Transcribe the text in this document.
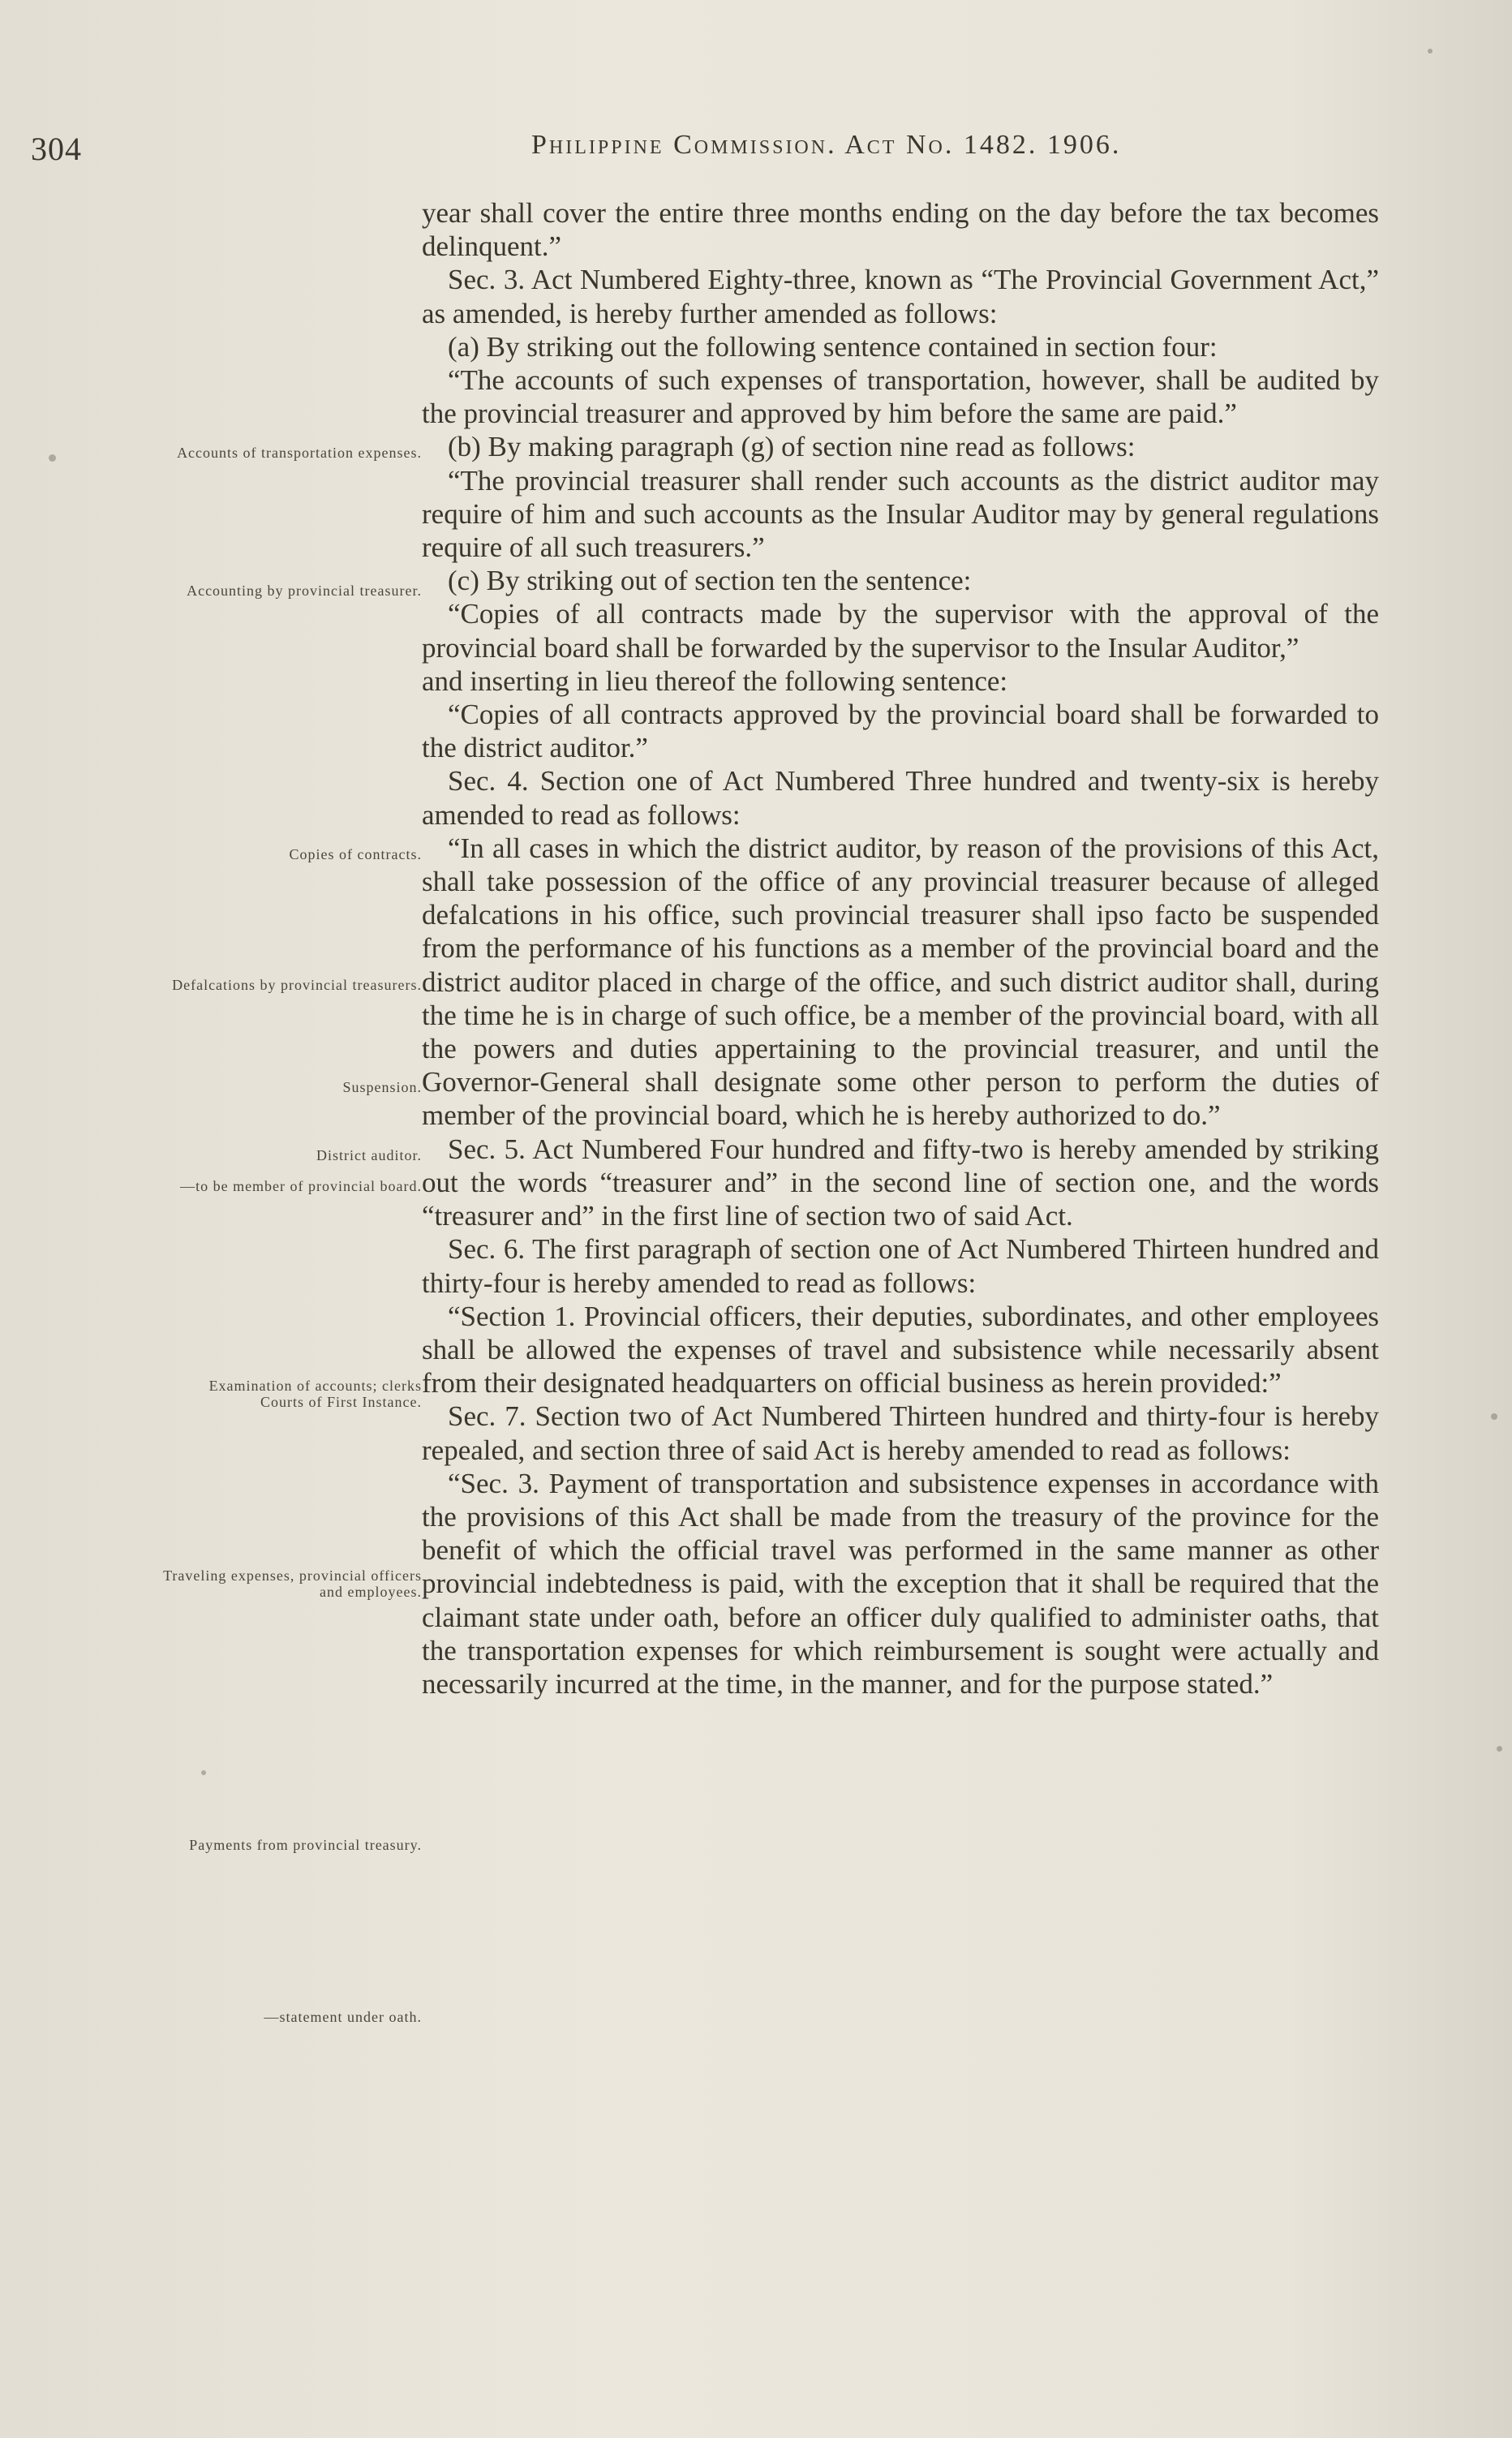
304	Philippine Commission. Act No. 1482. 1906.

year shall cover the entire three months ending on the day before the tax becomes delinquent.”

Sec. 3. Act Numbered Eighty-three, known as “The Provincial Government Act,” as amended, is hereby further amended as follows:

(a) By striking out the following sentence contained in section four:

“The accounts of such expenses of transportation, however, shall be audited by the provincial treasurer and approved by him before the same are paid.”

(b) By making paragraph (g) of section nine read as follows:

“The provincial treasurer shall render such accounts as the district auditor may require of him and such accounts as the Insular Auditor may by general regulations require of all such treasurers.”

(c) By striking out of section ten the sentence:

“Copies of all contracts made by the supervisor with the approval of the provincial board shall be forwarded by the supervisor to the Insular Auditor,”

and inserting in lieu thereof the following sentence:

“Copies of all contracts approved by the provincial board shall be forwarded to the district auditor.”

Sec. 4. Section one of Act Numbered Three hundred and twenty-six is hereby amended to read as follows:

“In all cases in which the district auditor, by reason of the provisions of this Act, shall take possession of the office of any provincial treasurer because of alleged defalcations in his office, such provincial treasurer shall ipso facto be suspended from the performance of his functions as a member of the provincial board and the district auditor placed in charge of the office, and such district auditor shall, during the time he is in charge of such office, be a member of the provincial board, with all the powers and duties appertaining to the provincial treasurer, and until the Governor-General shall designate some other person to perform the duties of member of the provincial board, which he is hereby authorized to do.”

Sec. 5. Act Numbered Four hundred and fifty-two is hereby amended by striking out the words “treasurer and” in the second line of section one, and the words “treasurer and” in the first line of section two of said Act.

Sec. 6. The first paragraph of section one of Act Numbered Thirteen hundred and thirty-four is hereby amended to read as follows:

“Section 1. Provincial officers, their deputies, subordinates, and other employees shall be allowed the expenses of travel and subsistence while necessarily absent from their designated headquarters on official business as herein provided:”

Sec. 7. Section two of Act Numbered Thirteen hundred and thirty-four is hereby repealed, and section three of said Act is hereby amended to read as follows:

“Sec. 3. Payment of transportation and subsistence expenses in accordance with the provisions of this Act shall be made from the treasury of the province for the benefit of which the official travel was performed in the same manner as other provincial indebtedness is paid, with the exception that it shall be required that the claimant state under oath, before an officer duly qualified to administer oaths, that the transportation expenses for which reimbursement is sought were actually and necessarily incurred at the time, in the manner, and for the purpose stated.”

Accounts of transportation expenses.
Accounting by provincial treasurer.
Copies of contracts.
Defalcations by provincial treasurers.
Suspension.
District auditor.
—to be member of provincial board.
Examination of accounts; clerks Courts of First Instance.
Traveling expenses, provincial officers and employees.
Payments from provincial treasury.
—statement under oath.
